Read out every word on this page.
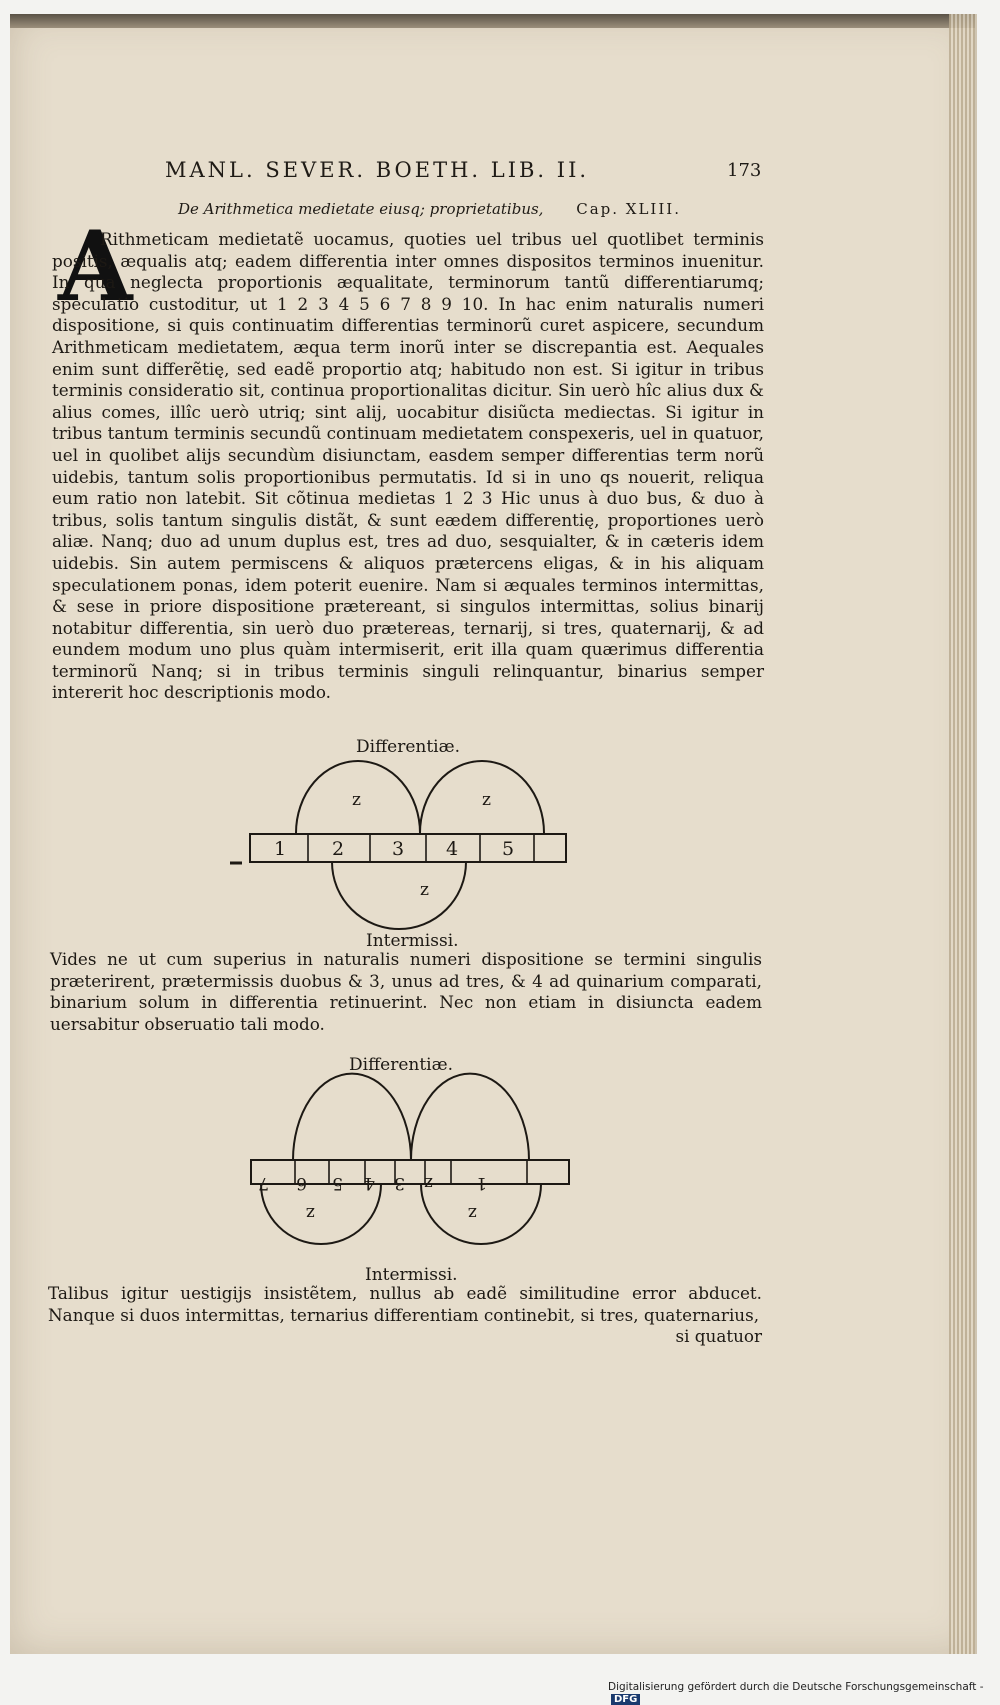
MANL. SEVER. BOETH. LIB. II.	173
De Arithmetica medietate eiusq; proprietatibus, Cap. XLIII.
A

Rithmeticam medietatẽ uocamus, quoties uel tribus uel quotlibet terminis positis, æqualis atq; eadem differentia inter omnes dispositos terminos inuenitur. In qua neglecta proportionis æqualitate, terminorum tantũ differentiarumq; speculatio custoditur, ut 1 2 3 4 5 6 7 8 9 10. In hac enim naturalis numeri dispositione, si quis continuatim differentias terminorũ curet aspicere, secundum Arithmeticam medietatem, æqua term inorũ inter se discrepantia est. Aequales enim sunt differẽtię, sed eadẽ proportio atq; habitudo non est. Si igitur in tribus terminis consideratio sit, continua proportionalitas dicitur. Sin uerò hîc alius dux & alius comes, illîc uerò utriq; sint alij, uocabitur disiũcta mediectas. Si igitur in tribus tantum terminis secundũ continuam medietatem conspexeris, uel in quatuor, uel in quolibet alijs secundùm disiunctam, easdem semper differentias term norũ uidebis, tantum solis proportionibus permutatis. Id si in uno qs nouerit, reliqua eum ratio non latebit. Sit cõtinua medietas 1 2 3 Hic unus à duo bus, & duo à tribus, solis tantum singulis distãt, & sunt eædem differentię, proportiones uerò aliæ. Nanq; duo ad unum duplus est, tres ad duo, sesquialter, & in cæteris idem uidebis. Sin autem permiscens & aliquos prætercens eligas, & in his aliquam speculationem ponas, idem poterit euenire. Nam si æquales terminos intermittas, & sese in priore dispositione prætereant, si singulos intermittas, solius binarij notabitur differentia, sin uerò duo prætereas, ternarij, si tres, quaternarij, & ad eundem modum uno plus quàm intermiserit, erit illa quam quærimus differentia terminorũ Nanq; si in tribus terminis singuli relinquantur, binarius semper intererit hoc descriptionis modo.

Differentiæ.
z	z
1 2	3 4 5
z
Intermissi.

Vides ne ut cum superius in naturalis numeri dispositione se termini singulis præterirent, prætermissis duobus & 3, unus ad tres, & 4 ad quinarium comparati, binarium solum in differentia retinuerint. Nec non etiam in disiuncta eadem uersabitur obseruatio tali modo.

Differentiæ.
7 6 5 4 3 z	1
z	z
Intermissi.

Talibus igitur uestigijs insistẽtem, nullus ab eadẽ similitudine error abducet. Nanque si duos intermittas, ternarius differentiam continebit, si tres, quaternarius,

si quatuor

Digitalisierung gefördert durch die Deutsche Forschungsgemeinschaft - DFG
